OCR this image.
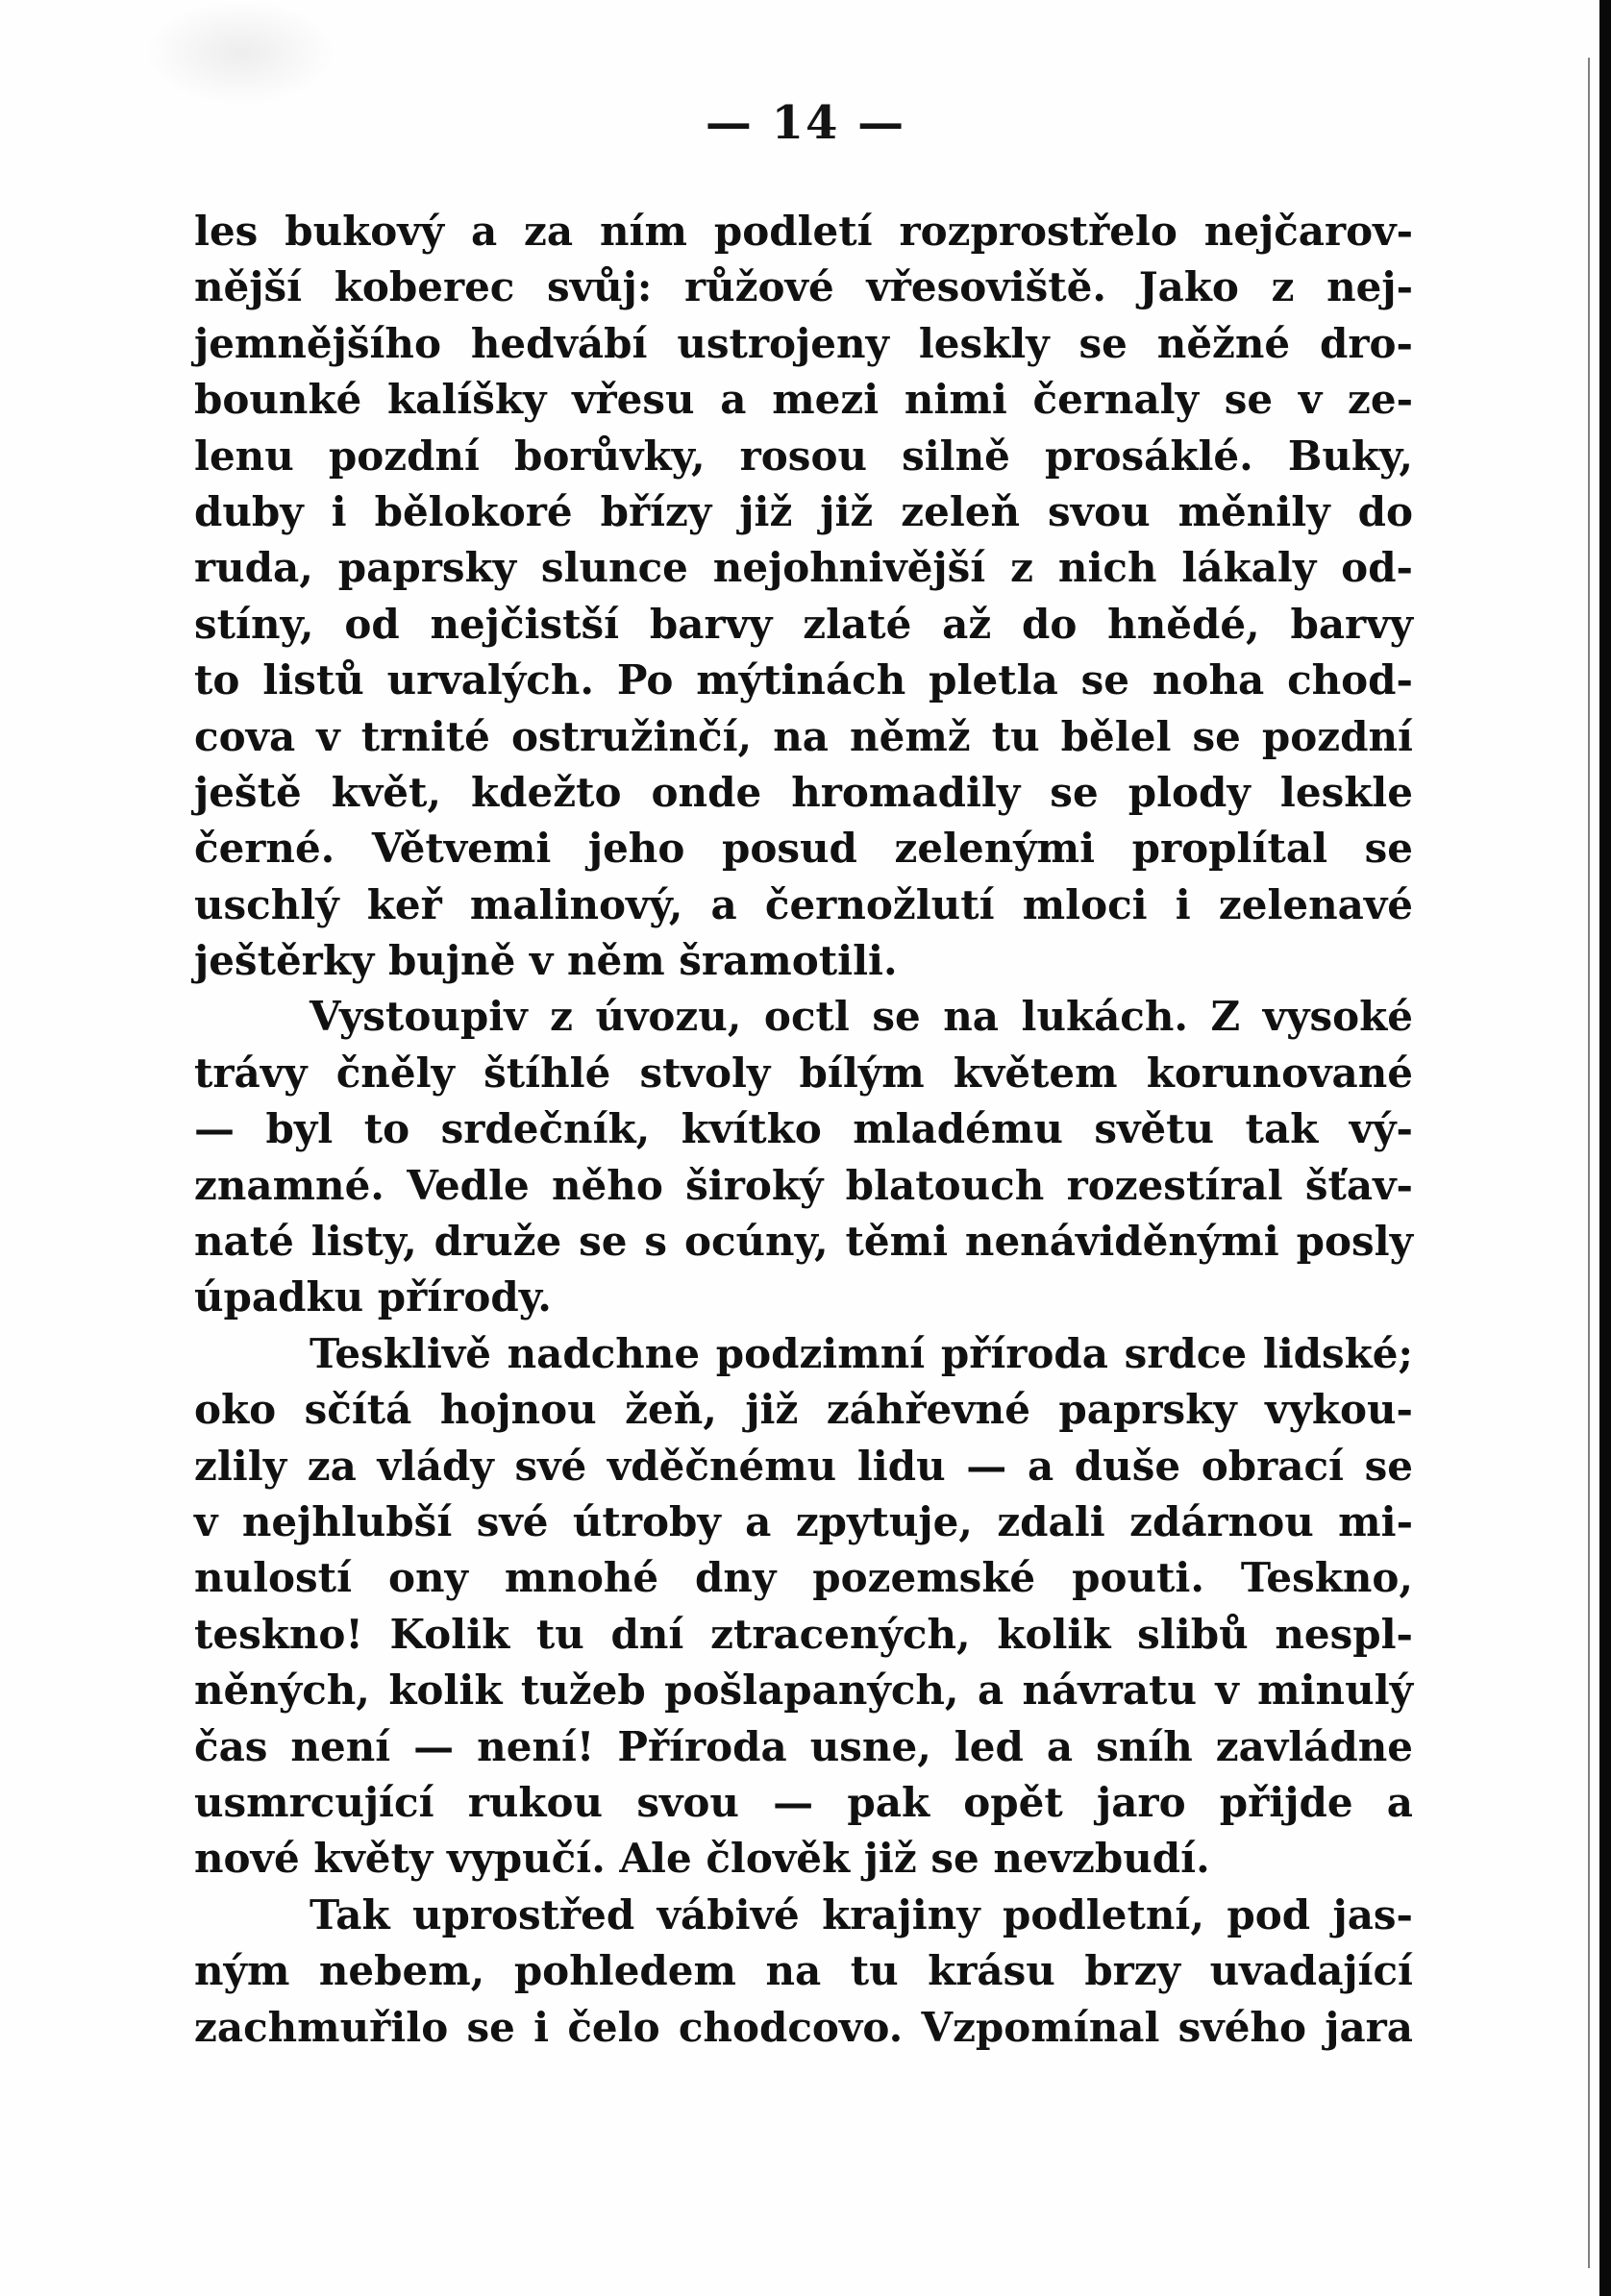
— 14 —
les bukový a za ním podletí rozprostřelo nejčarov-
nější koberec svůj: růžové vřesoviště. Jako z nej-
jemnějšího hedvábí ustrojeny leskly se něžné dro-
bounké kalíšky vřesu a mezi nimi černaly se v ze-
lenu pozdní borůvky, rosou silně prosáklé. Buky,
duby i bělokoré břízy již již zeleň svou měnily do
ruda, paprsky slunce nejohnivější z nich lákaly od-
stíny, od nejčistší barvy zlaté až do hnědé, barvy
to listů urvalých. Po mýtinách pletla se noha chod-
cova v trnité ostružinčí, na němž tu bělel se pozdní
ještě květ, kdežto onde hromadily se plody leskle
černé. Větvemi jeho posud zelenými proplítal se
uschlý keř malinový, a černožlutí mloci i zelenavé
ještěrky bujně v něm šramotili.
Vystoupiv z úvozu, octl se na lukách. Z vysoké
trávy čněly štíhlé stvoly bílým květem korunované
— byl to srdečník, kvítko mladému světu tak vý-
znamné. Vedle něho široký blatouch rozestíral šťav-
naté listy, druže se s ocúny, těmi nenáviděnými posly
úpadku přírody.
Tesklivě nadchne podzimní příroda srdce lidské;
oko sčítá hojnou žeň, již záhřevné paprsky vykou-
zlily za vlády své vděčnému lidu — a duše obrací se
v nejhlubší své útroby a zpytuje, zdali zdárnou mi-
nulostí ony mnohé dny pozemské pouti. Teskno,
teskno! Kolik tu dní ztracených, kolik slibů nespl-
něných, kolik tužeb pošlapaných, a návratu v minulý
čas není — není! Příroda usne, led a sníh zavládne
usmrcující rukou svou — pak opět jaro přijde a
nové květy vypučí. Ale člověk již se nevzbudí.
Tak uprostřed vábivé krajiny podletní, pod jas-
ným nebem, pohledem na tu krásu brzy uvadající
zachmuřilo se i čelo chodcovo. Vzpomínal svého jara
